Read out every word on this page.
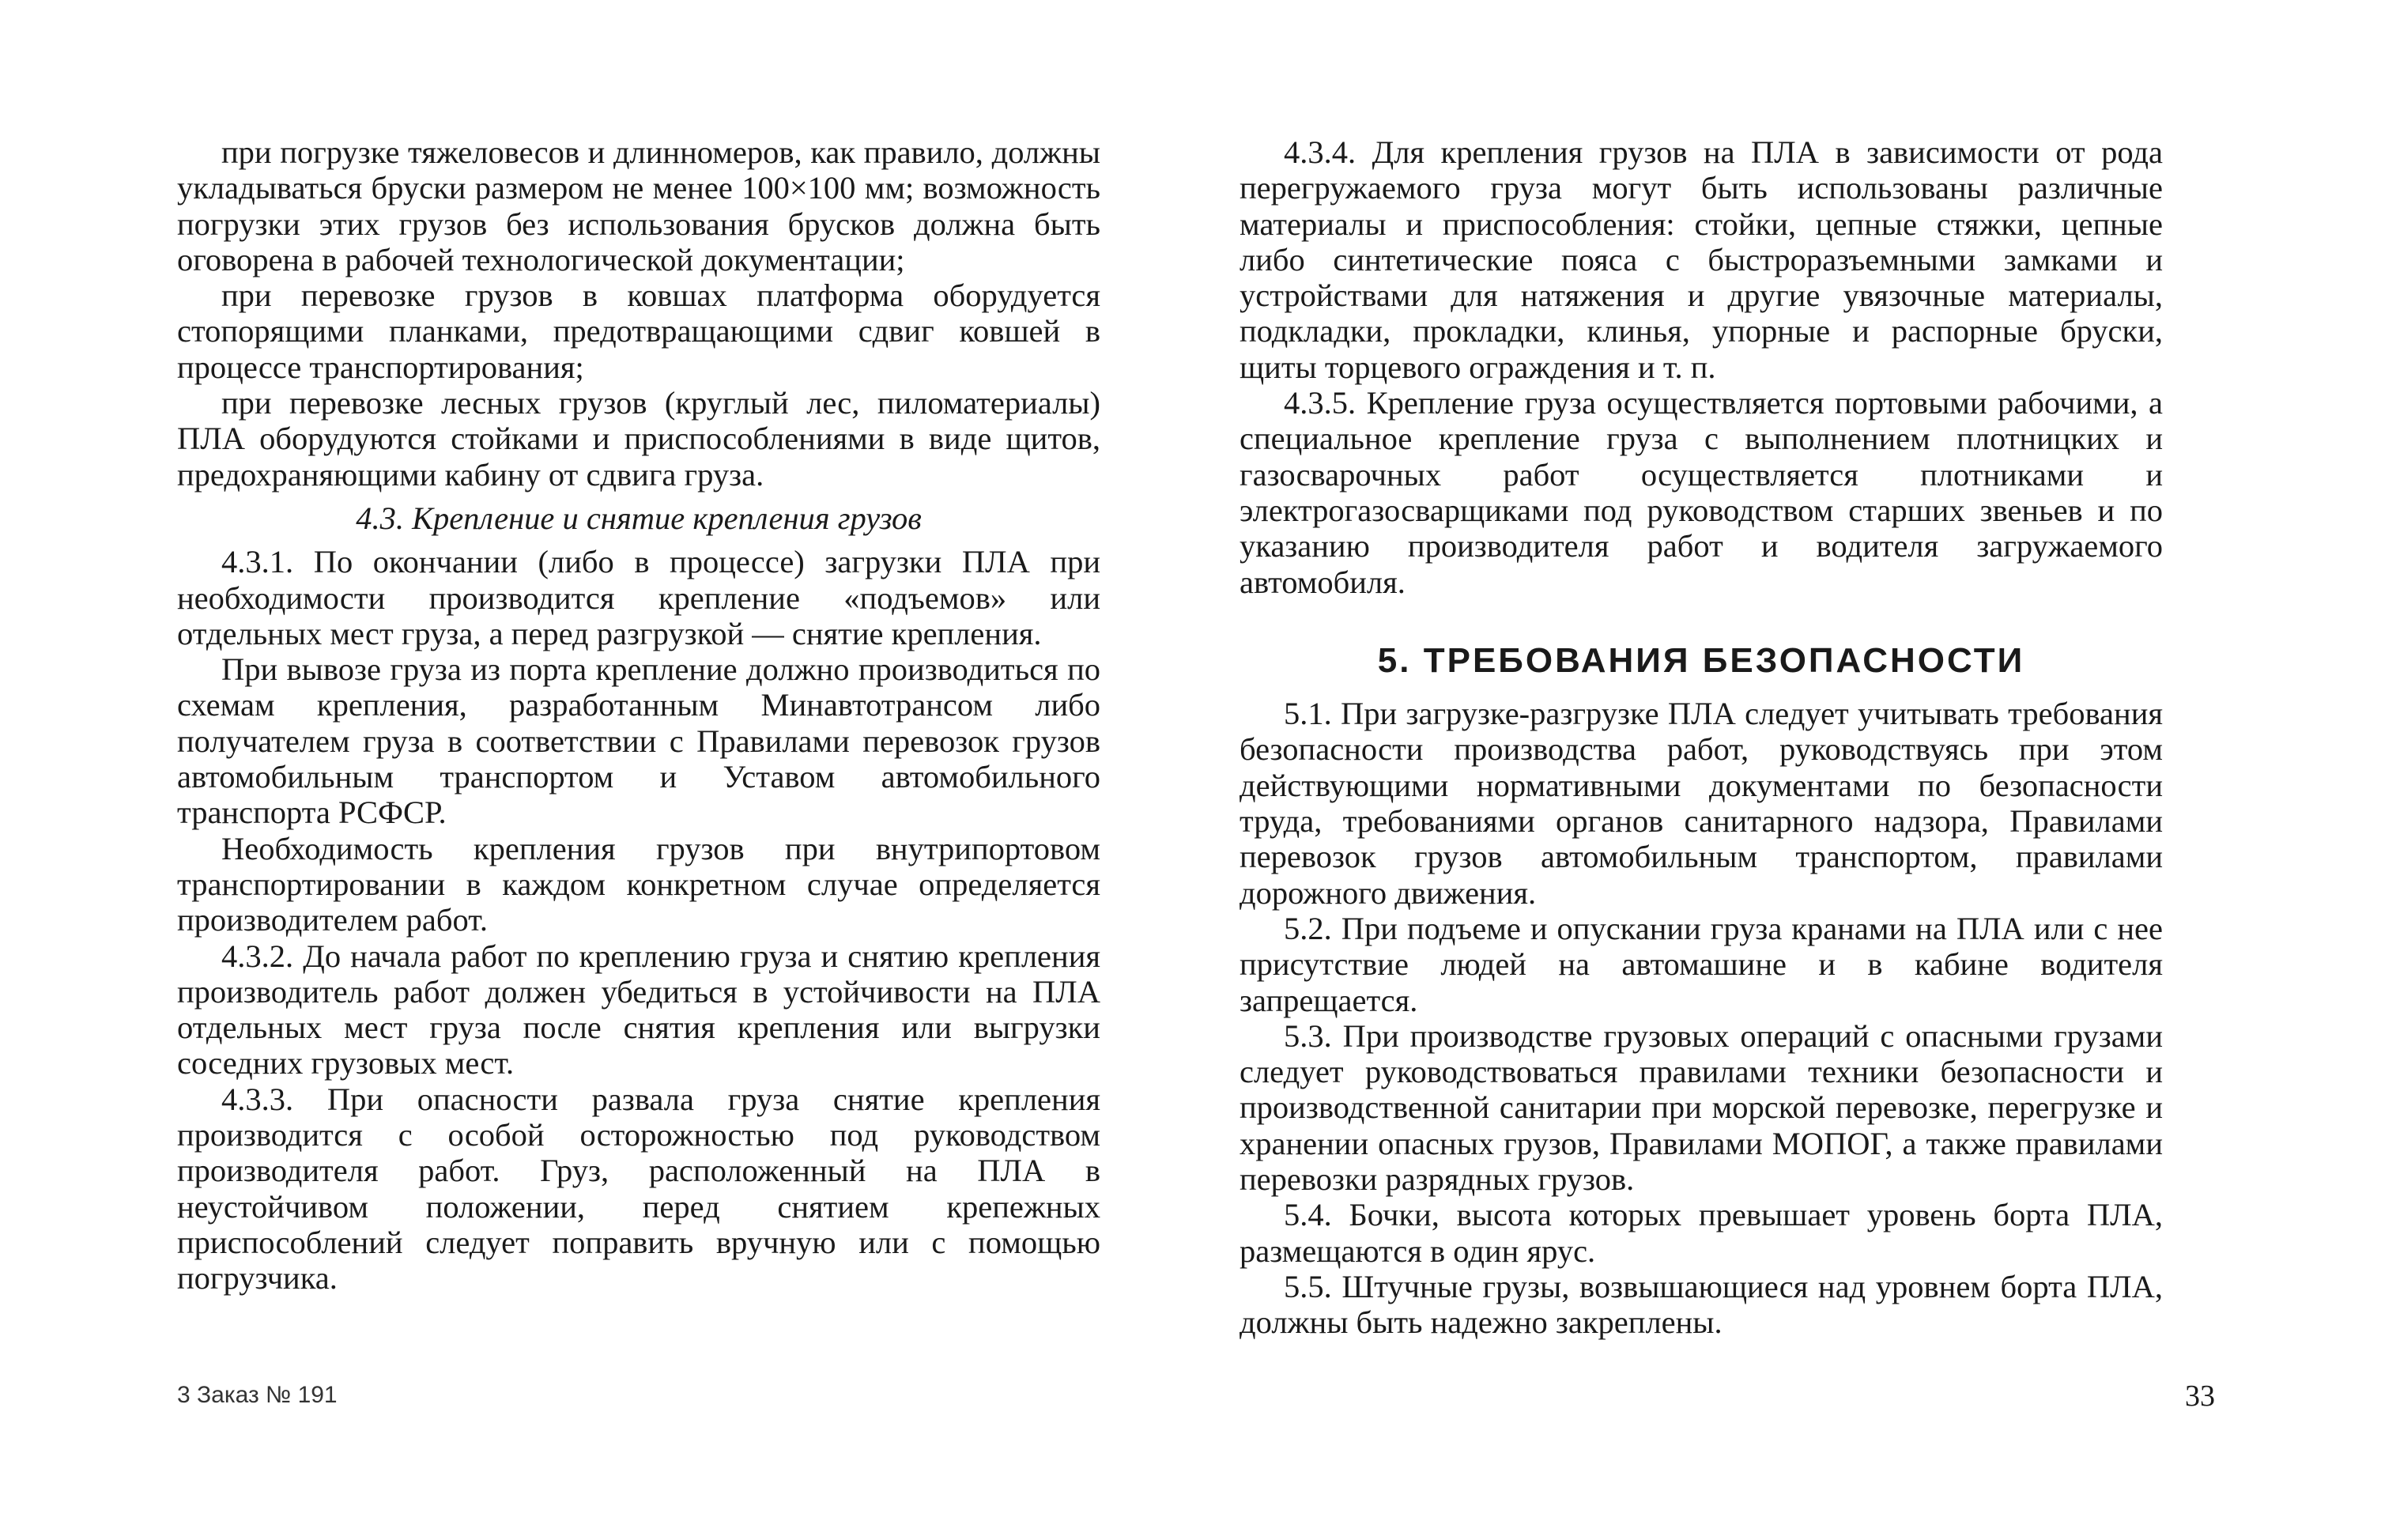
при погрузке тяжеловесов и длинномеров, как правило, должны укладываться бруски размером не менее 100×100 мм; возможность погрузки этих грузов без использования брусков должна быть оговорена в рабочей технологической документации;

при перевозке грузов в ковшах платформа оборудуется стопорящими планками, предотвращающими сдвиг ковшей в процессе транспортирования;

при перевозке лесных грузов (круглый лес, пиломатериалы) ПЛА оборудуются стойками и приспособлениями в виде щитов, предохраняющими кабину от сдвига груза.

4.3. Крепление и снятие крепления грузов

4.3.1. По окончании (либо в процессе) загрузки ПЛА при необходимости производится крепление «подъемов» или отдельных мест груза, а перед разгрузкой — снятие крепления.

При вывозе груза из порта крепление должно производиться по схемам крепления, разработанным Минавтотрансом либо получателем груза в соответствии с Правилами перевозок грузов автомобильным транспортом и Уставом автомобильного транспорта РСФСР.

Необходимость крепления грузов при внутрипортовом транспортировании в каждом конкретном случае определяется производителем работ.

4.3.2. До начала работ по креплению груза и снятию крепления производитель работ должен убедиться в устойчивости на ПЛА отдельных мест груза после снятия крепления или выгрузки соседних грузовых мест.

4.3.3. При опасности развала груза снятие крепления производится с особой осторожностью под руководством производителя работ. Груз, расположенный на ПЛА в неустойчивом положении, перед снятием крепежных приспособлений следует поправить вручную или с помощью погрузчика.

3 Заказ № 191

4.3.4. Для крепления грузов на ПЛА в зависимости от рода перегружаемого груза могут быть использованы различные материалы и приспособления: стойки, цепные стяжки, цепные либо синтетические пояса с быстроразъемными замками и устройствами для натяжения и другие увязочные материалы, подкладки, прокладки, клинья, упорные и распорные бруски, щиты торцевого ограждения и т. п.

4.3.5. Крепление груза осуществляется портовыми рабочими, а специальное крепление груза с выполнением плотницких и газосварочных работ осуществляется плотниками и электрогазосварщиками под руководством старших звеньев и по указанию производителя работ и водителя загружаемого автомобиля.

5. ТРЕБОВАНИЯ БЕЗОПАСНОСТИ

5.1. При загрузке-разгрузке ПЛА следует учитывать требования безопасности производства работ, руководствуясь при этом действующими нормативными документами по безопасности труда, требованиями органов санитарного надзора, Правилами перевозок грузов автомобильным транспортом, правилами дорожного движения.

5.2. При подъеме и опускании груза кранами на ПЛА или с нее присутствие людей на автомашине и в кабине водителя запрещается.

5.3. При производстве грузовых операций с опасными грузами следует руководствоваться правилами техники безопасности и производственной санитарии при морской перевозке, перегрузке и хранении опасных грузов, Правилами МОПОГ, а также правилами перевозки разрядных грузов.

5.4. Бочки, высота которых превышает уровень борта ПЛА, размещаются в один ярус.

5.5. Штучные грузы, возвышающиеся над уровнем борта ПЛА, должны быть надежно закреплены.

33
